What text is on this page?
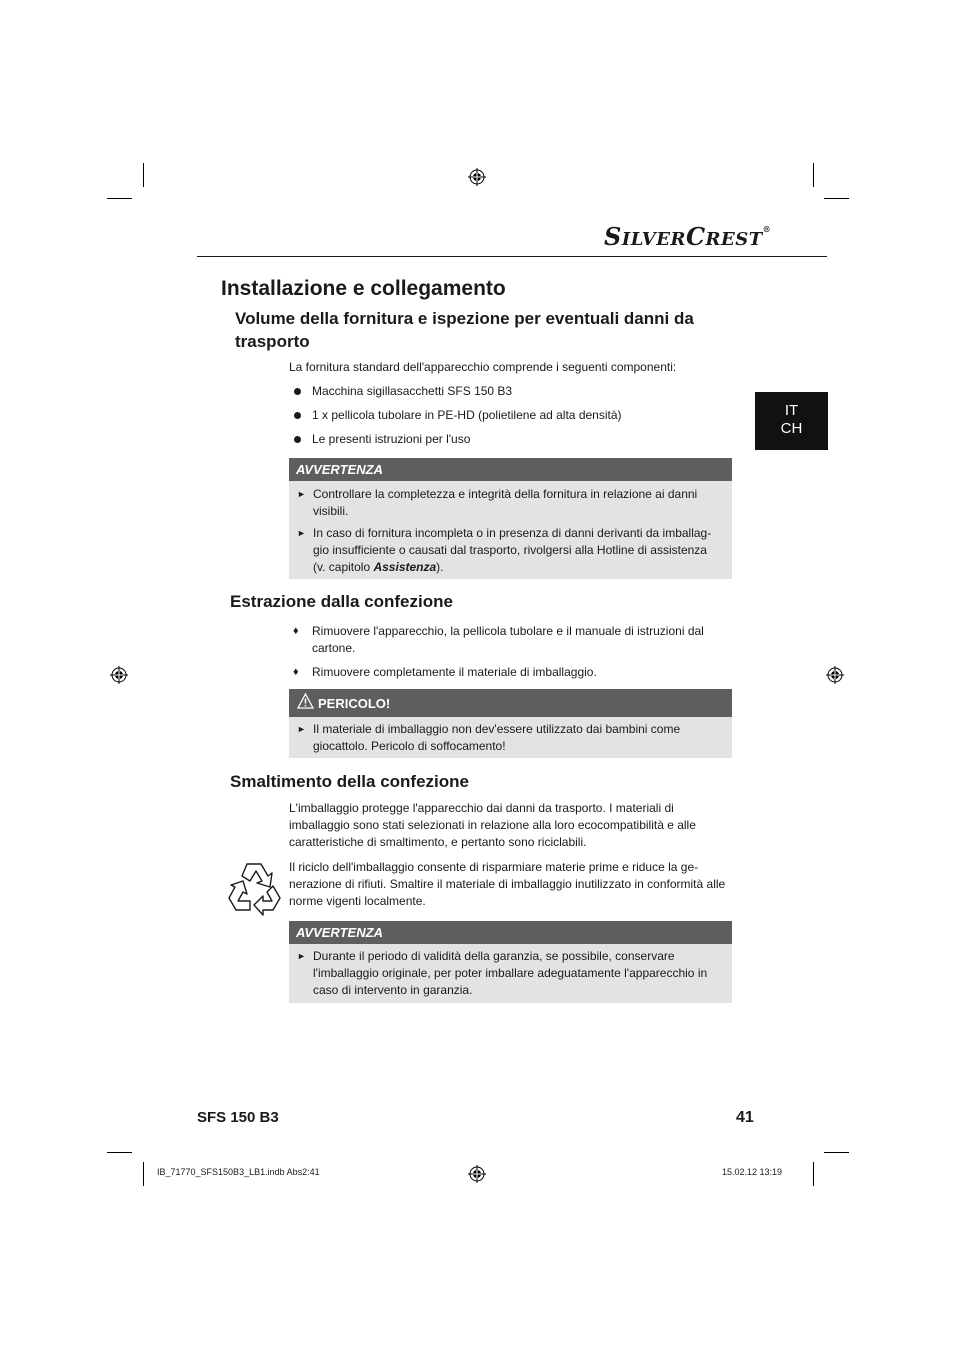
SILVERCREST®
IT
CH
Installazione e collegamento
Volume della fornitura e ispezione per eventuali danni da trasporto
La fornitura standard dell'apparecchio comprende i seguenti componenti:
Macchina sigillasacchetti SFS 150 B3
1 x pellicola tubolare in PE-HD (polietilene ad alta densità)
Le presenti istruzioni per l'uso
AVVERTENZA
► Controllare la completezza e integrità della fornitura in relazione ai danni visibili.
► In caso di fornitura incompleta o in presenza di danni derivanti da imballag-gio insufficiente o causati dal trasporto, rivolgersi alla Hotline di assistenza
(v. capitolo Assistenza).
Estrazione dalla confezione
♦ Rimuovere l'apparecchio, la pellicola tubolare e il manuale di istruzioni dal cartone.
♦ Rimuovere completamente il materiale di imballaggio.
PERICOLO!
► Il materiale di imballaggio non dev'essere utilizzato dai bambini come giocattolo. Pericolo di soffocamento!
Smaltimento della confezione
L'imballaggio protegge l'apparecchio dai danni da trasporto. I materiali di imballaggio sono stati selezionati in relazione alla loro ecocompatibilità e alle caratteristiche di smaltimento, e pertanto sono riciclabili.
Il riciclo dell'imballaggio consente di risparmiare materie prime e riduce la ge-nerazione di rifiuti. Smaltire il materiale di imballaggio inutilizzato in conformità alle norme vigenti localmente.
AVVERTENZA
► Durante il periodo di validità della garanzia, se possibile, conservare l'imballaggio originale, per poter imballare adeguatamente l'apparecchio in caso di intervento in garanzia.
SFS 150 B3	41
IB_71770_SFS150B3_LB1.indb Abs2:41	15.02.12 13:19
